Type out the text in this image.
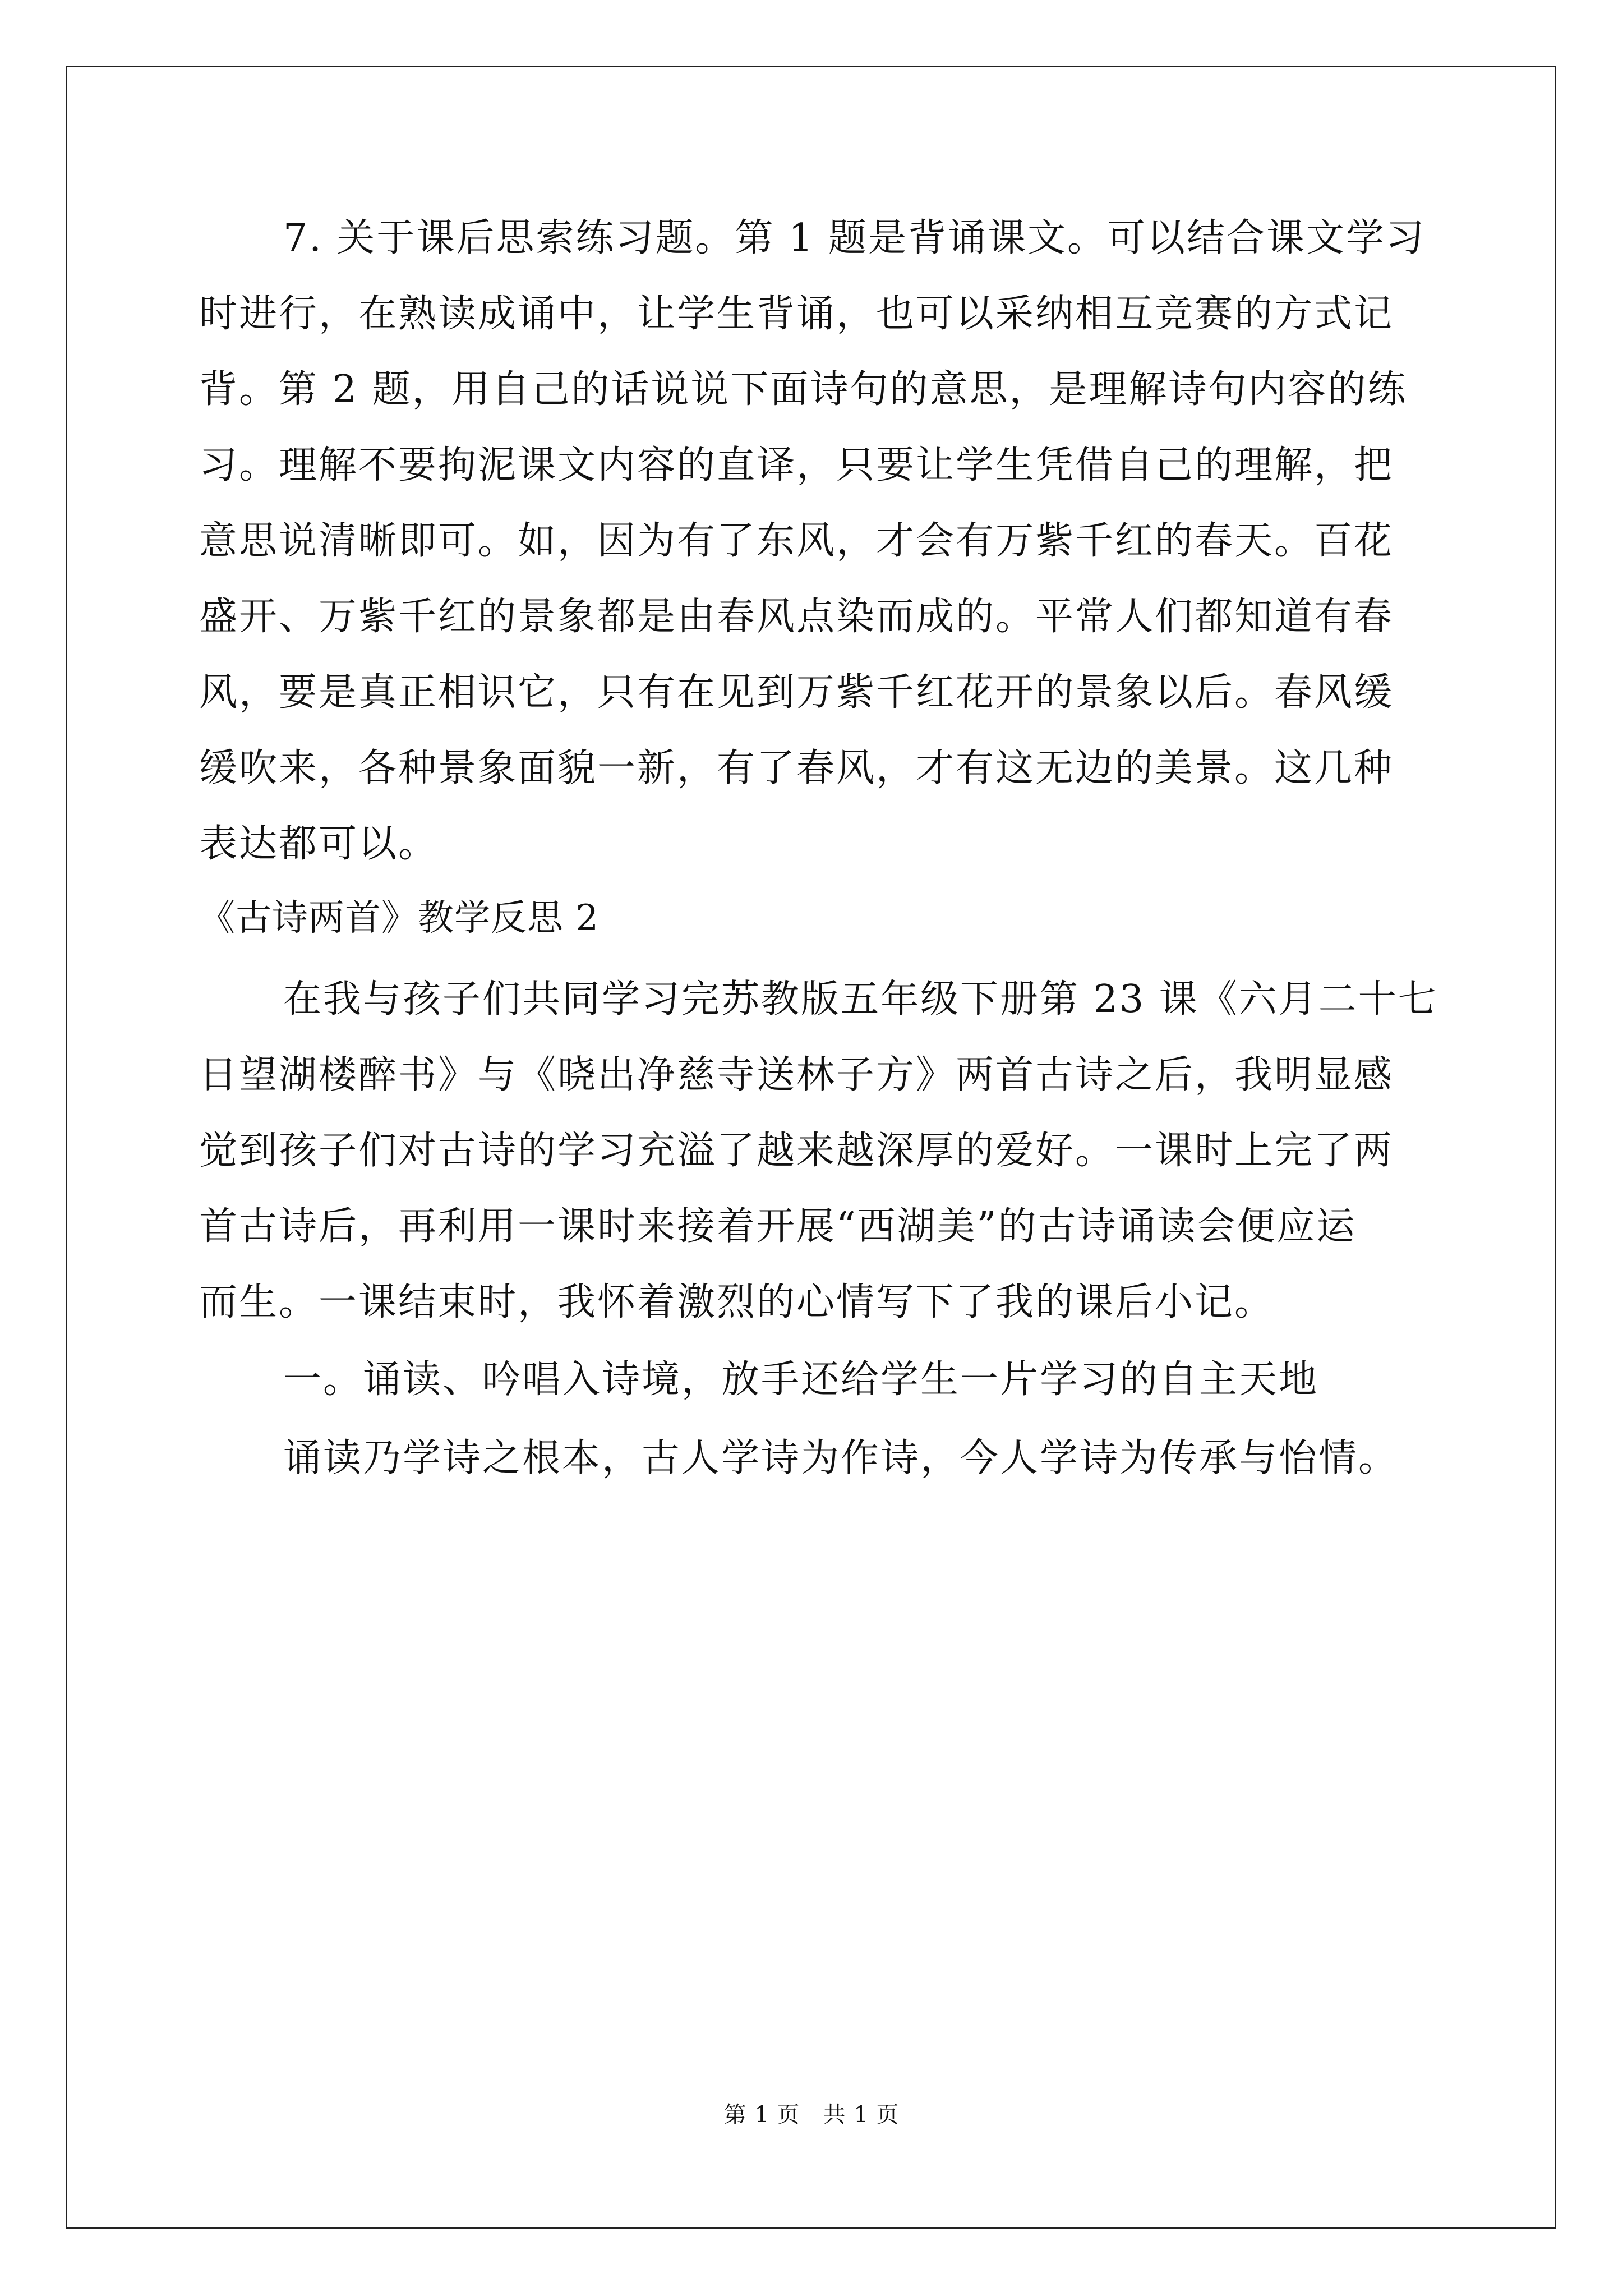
7. 关于课后思索练习题。第 1 题是背诵课文。可以结合课文学习
时进行，在熟读成诵中，让学生背诵，也可以采纳相互竞赛的方式记
背。第 2 题，用自己的话说说下面诗句的意思，是理解诗句内容的练
习。理解不要拘泥课文内容的直译，只要让学生凭借自己的理解，把
意思说清晰即可。如，因为有了东风，才会有万紫千红的春天。百花
盛开、万紫千红的景象都是由春风点染而成的。平常人们都知道有春
风，要是真正相识它，只有在见到万紫千红花开的景象以后。春风缓
缓吹来，各种景象面貌一新，有了春风，才有这无边的美景。这几种
表达都可以。
《古诗两首》教学反思 2
在我与孩子们共同学习完苏教版五年级下册第 23 课《六月二十七
日望湖楼醉书》与《晓出净慈寺送林子方》两首古诗之后，我明显感
觉到孩子们对古诗的学习充溢了越来越深厚的爱好。一课时上完了两
首古诗后，再利用一课时来接着开展“西湖美”的古诗诵读会便应运
而生。一课结束时，我怀着激烈的心情写下了我的课后小记。
一。诵读、吟唱入诗境，放手还给学生一片学习的自主天地
诵读乃学诗之根本，古人学诗为作诗，今人学诗为传承与怡情。
第 1 页　共 1 页
